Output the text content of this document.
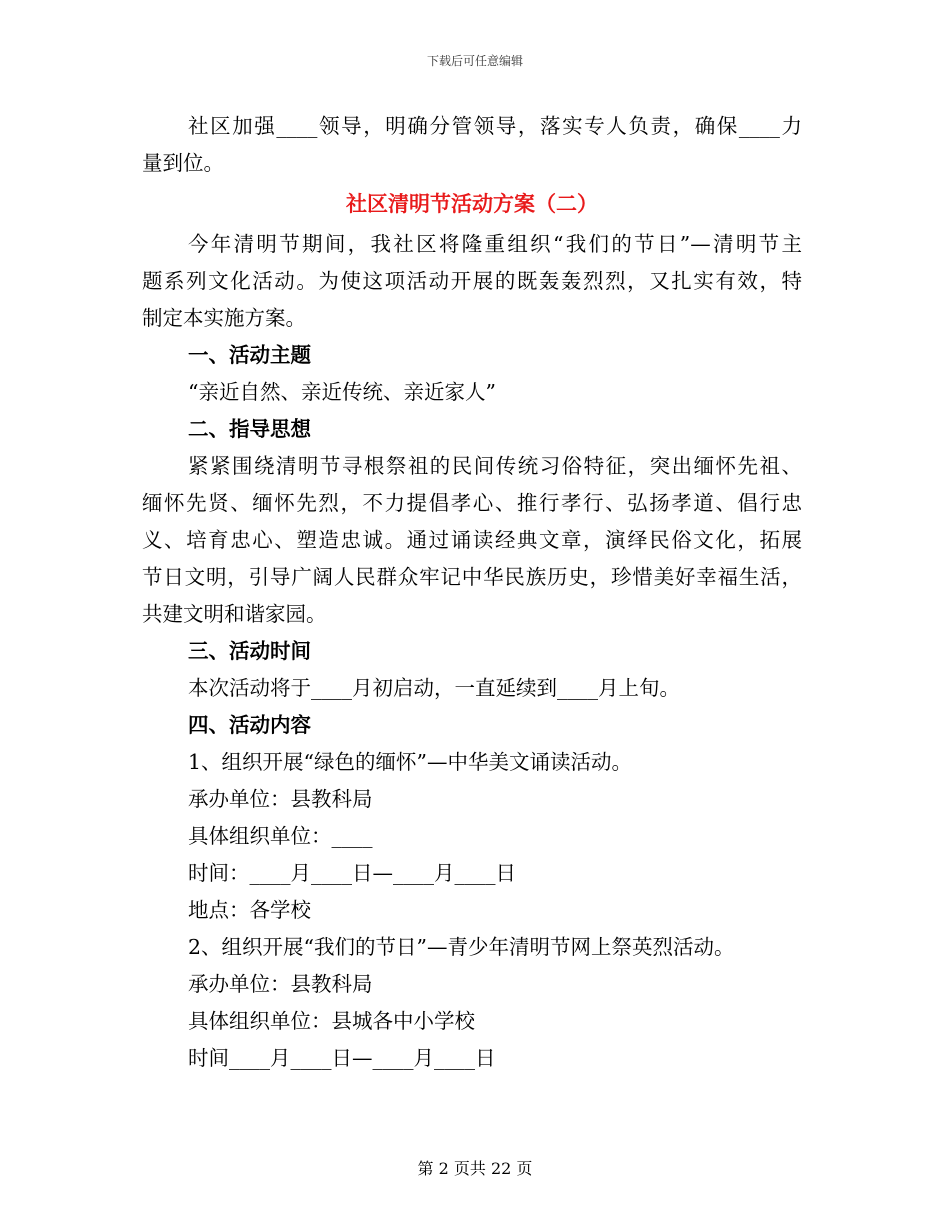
下载后可任意编辑
社区加强____领导，明确分管领导，落实专人负责，确保____力
量到位。
社区清明节活动方案（二）
今年清明节期间，我社区将隆重组织“我们的节日”—清明节主
题系列文化活动。为使这项活动开展的既轰轰烈烈，又扎实有效，特
制定本实施方案。
一、活动主题
“亲近自然、亲近传统、亲近家人”
二、指导思想
紧紧围绕清明节寻根祭祖的民间传统习俗特征，突出缅怀先祖、
缅怀先贤、缅怀先烈，不力提倡孝心、推行孝行、弘扬孝道、倡行忠
义、培育忠心、塑造忠诚。通过诵读经典文章，演绎民俗文化，拓展
节日文明，引导广阔人民群众牢记中华民族历史，珍惜美好幸福生活，
共建文明和谐家园。
三、活动时间
本次活动将于____月初启动，一直延续到____月上旬。
四、活动内容
1、组织开展“绿色的缅怀”—中华美文诵读活动。
承办单位：县教科局
具体组织单位：____
时间：____月____日—____月____日
地点：各学校
2、组织开展“我们的节日”—青少年清明节网上祭英烈活动。
承办单位：县教科局
具体组织单位：县城各中小学校
时间____月____日—____月____日
第 2 页共 22 页
